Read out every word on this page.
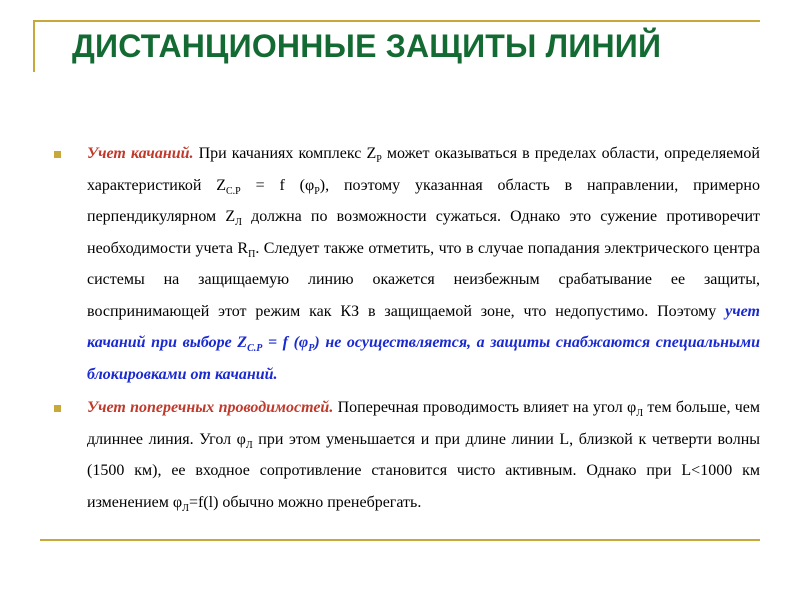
ДИСТАНЦИОННЫЕ ЗАЩИТЫ ЛИНИЙ
Учет качаний. При качаниях комплекс $Z_Р$ может оказываться в пределах области, определяемой характеристикой $Z_{С.Р} = f$ $(\varphi_Р)$, поэтому указанная область в направлении, примерно перпендикулярном $Z_Л$ должна по возможности сужаться. Однако это сужение противоречит необходимости учета $R_П$. Следует также отметить, что в случае попадания электрического центра системы на защищаемую линию окажется неизбежным срабатывание ее защиты, воспринимающей этот режим как КЗ в защищаемой зоне, что недопустимо. Поэтому учет качаний при выборе $Z_{С.Р} = f$ $(\varphi_Р)$ не осуществляется, а защиты снабжаются специальными блокировками от качаний.
Учет поперечных проводимостей. Поперечная проводимость влияет на угол $\varphi_Л$ тем больше, чем длиннее линия. Угол $\varphi_Л$ при этом уменьшается и при длине линии L, близкой к четверти волны (1500 км), ее входное сопротивление становится чисто активным. Однако при L<1000 км изменением $\varphi_Л=f(l)$ обычно можно пренебрегать.
